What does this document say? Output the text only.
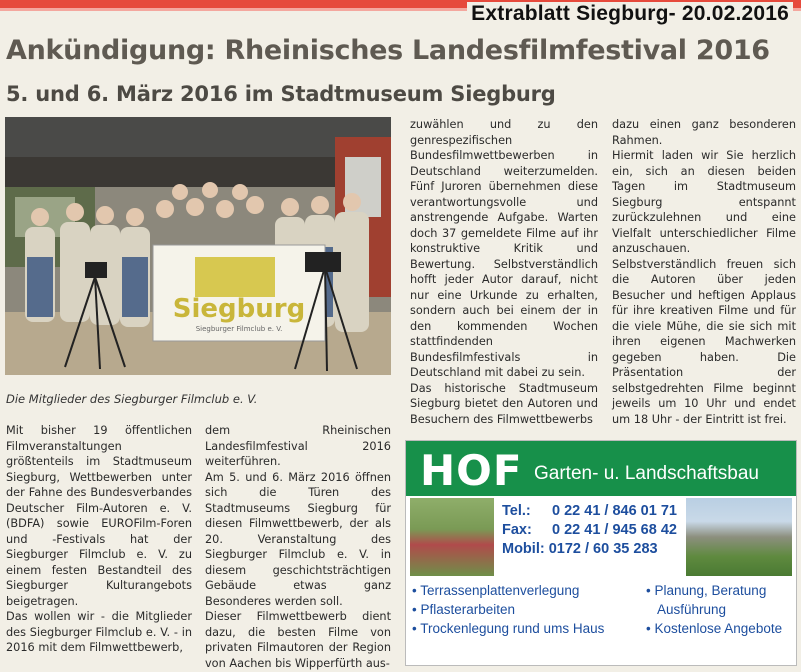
Extrablatt Siegburg- 20.02.2016
Ankündigung: Rheinisches Landesfilmfestival 2016
5. und 6. März 2016 im Stadtmuseum Siegburg
Siegburg
Siegburger Filmclub e. V.
Die Mitglieder des Siegburger Filmclub e. V.

Mit bisher 19 öffentlichen Filmveranstaltungen größtenteils im Stadtmuseum Siegburg, Wettbewerben unter der Fahne des Bundesverbandes Deutscher Film-Autoren e. V. (BDFA) sowie EUROFilm-Foren und -Festivals hat der Siegburger Filmclub e. V. zu einem festen Bestandteil des Siegburger Kulturangebots beigetragen.

Das wollen wir - die Mitglieder des Siegburger Filmclub e. V. - in 2016 mit dem Filmwettbewerb,

dem Rheinischen Landesfilmfestival 2016 weiterführen.

Am 5. und 6. März 2016 öffnen sich die Türen des Stadtmuseums Siegburg für diesen Filmwettbewerb, der als 20. Veranstaltung des Siegburger Filmclub e. V. in diesem geschichtsträchtigen Gebäude etwas ganz Besonderes werden soll.

Dieser Filmwettbewerb dient dazu, die besten Filme von privaten Filmautoren der Region von Aachen bis Wipperfürth aus-

zuwählen und zu den genrespezifischen Bundesfilmwettbewerben in Deutschland weiterzumelden. Fünf Juroren übernehmen diese verantwortungsvolle und anstrengende Aufgabe. Warten doch 37 gemeldete Filme auf ihr konstruktive Kritik und Bewertung. Selbstverständlich hofft jeder Autor darauf, nicht nur eine Urkunde zu erhalten, sondern auch bei einem der in den kommenden Wochen stattfindenden Bundesfilmfestivals in Deutschland mit dabei zu sein.

Das historische Stadtmuseum Siegburg bietet den Autoren und Besuchern des Filmwettbewerbs

dazu einen ganz besonderen Rahmen.

Hiermit laden wir Sie herzlich ein, sich an diesen beiden Tagen im Stadtmuseum Siegburg entspannt zurückzulehnen und eine Vielfalt unterschiedlicher Filme anzuschauen. Selbstverständlich freuen sich die Autoren über jeden Besucher und heftigen Applaus für ihre kreativen Filme und für die viele Mühe, die sie sich mit ihren eigenen Machwerken gegeben haben. Die Präsentation der selbstgedrehten Filme beginnt jeweils um 10 Uhr und endet um 18 Uhr - der Eintritt ist frei.

HOF Garten- u. Landschaftsbau
Tel.: 0 22 41 / 846 01 71
Fax: 0 22 41 / 945 68 42
Mobil: 0172 / 60 35 283
• Terrassenplattenverlegung
• Pflasterarbeiten
• Trockenlegung rund ums Haus
• Planung, Beratung
Ausführung
• Kostenlose Angebote
